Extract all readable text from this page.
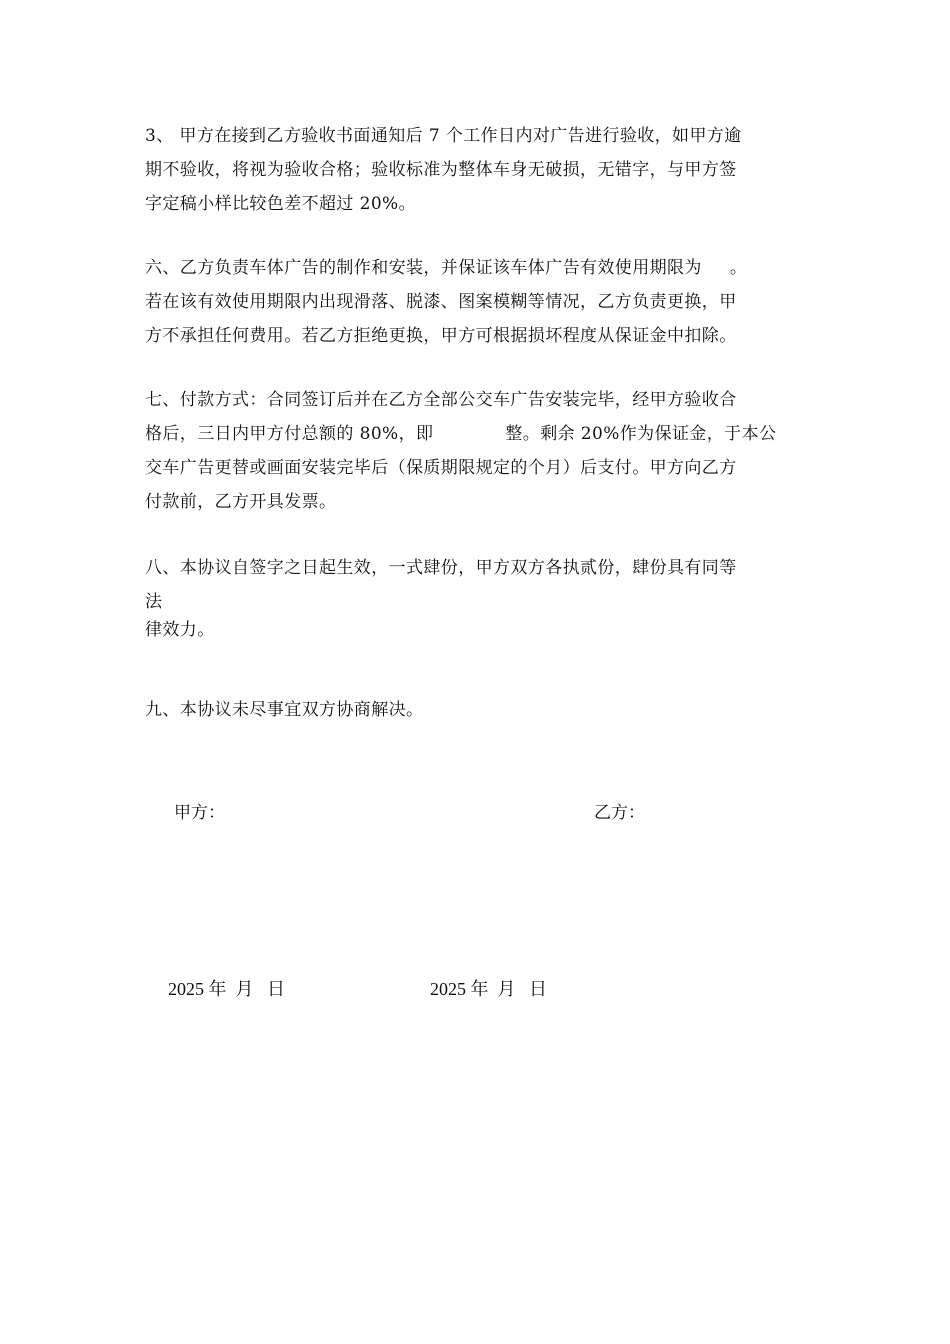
3、 甲方在接到乙方验收书面通知后 7 个工作日内对广告进行验收，如甲方逾
期不验收，将视为验收合格；验收标准为整体车身无破损，无错字，与甲方签
字定稿小样比较色差不超过 20%。
六、乙方负责车体广告的制作和安装，并保证该车体广告有效使用期限为 。
若在该有效使用期限内出现滑落、脱漆、图案模糊等情况，乙方负责更换，甲
方不承担任何费用。若乙方拒绝更换，甲方可根据损坏程度从保证金中扣除。
七、付款方式：合同签订后并在乙方全部公交车广告安装完毕，经甲方验收合
格后，三日内甲方付总额的 80%，即	整。剩余 20%作为保证金，于本公
交车广告更替或画面安装完毕后（保质期限规定的个月）后支付。甲方向乙方
付款前，乙方开具发票。
八、本协议自签字之日起生效，一式肆份，甲方双方各执贰份，肆份具有同等
法
律效力。
九、本协议未尽事宜双方协商解决。
甲方：	乙方：
2025 年  月   日	2025 年  月   日
